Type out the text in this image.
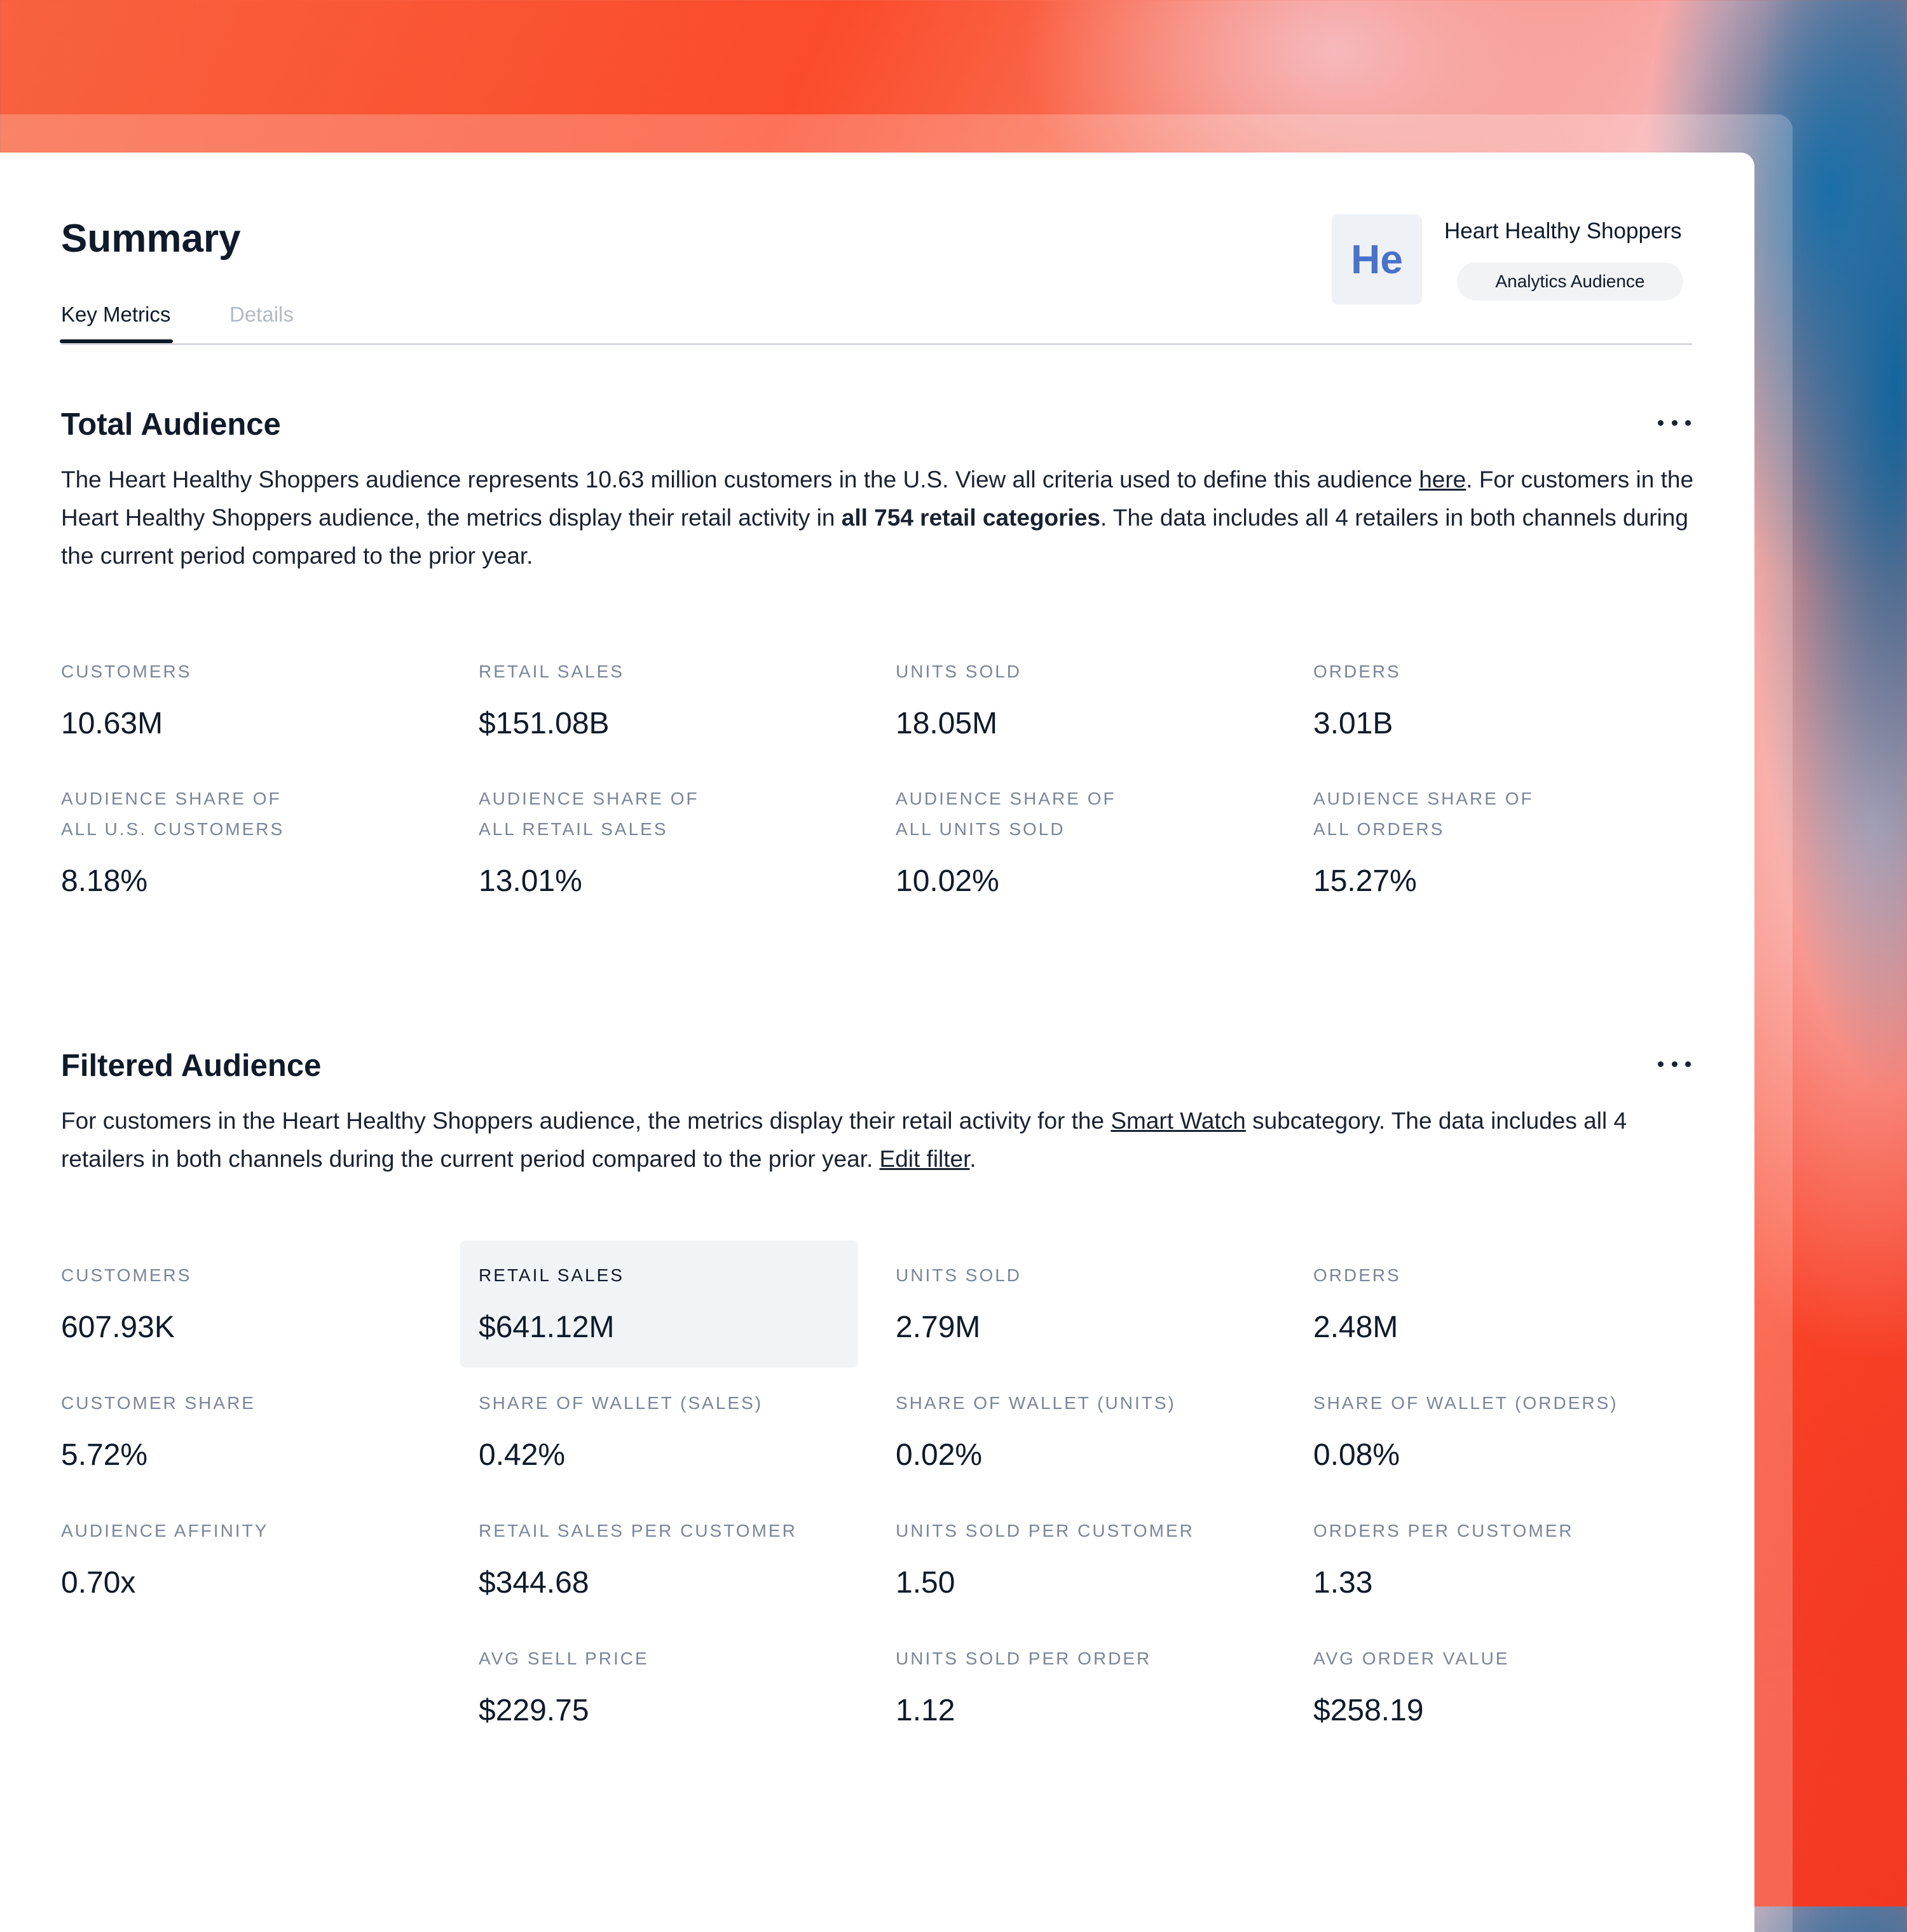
Summary
Key Metrics	Details
He
Heart Healthy Shoppers
Analytics Audience
Total Audience

The Heart Healthy Shoppers audience represents 10.63 million customers in the U.S. View all criteria used to define this audience here. For customers in the Heart Healthy Shoppers audience, the metrics display their retail activity in all 754 retail categories. The data includes all 4 retailers in both channels during the current period compared to the prior year.

CUSTOMERS
10.63M
RETAIL SALES
$151.08B
UNITS SOLD
18.05M
ORDERS
3.01B
AUDIENCE SHARE OF
ALL U.S. CUSTOMERS
8.18%
AUDIENCE SHARE OF
ALL RETAIL SALES
13.01%
AUDIENCE SHARE OF
ALL UNITS SOLD
10.02%
AUDIENCE SHARE OF
ALL ORDERS
15.27%
Filtered Audience

For customers in the Heart Healthy Shoppers audience, the metrics display their retail activity for the Smart Watch subcategory. The data includes all 4 retailers in both channels during the current period compared to the prior year. Edit filter.

CUSTOMERS
607.93K
RETAIL SALES
$641.12M
UNITS SOLD
2.79M
ORDERS
2.48M
CUSTOMER SHARE
5.72%
SHARE OF WALLET (SALES)
0.42%
SHARE OF WALLET (UNITS)
0.02%
SHARE OF WALLET (ORDERS)
0.08%
AUDIENCE AFFINITY
0.70x
RETAIL SALES PER CUSTOMER
$344.68
UNITS SOLD PER CUSTOMER
1.50
ORDERS PER CUSTOMER
1.33
AVG SELL PRICE
$229.75
UNITS SOLD PER ORDER
1.12
AVG ORDER VALUE
$258.19
